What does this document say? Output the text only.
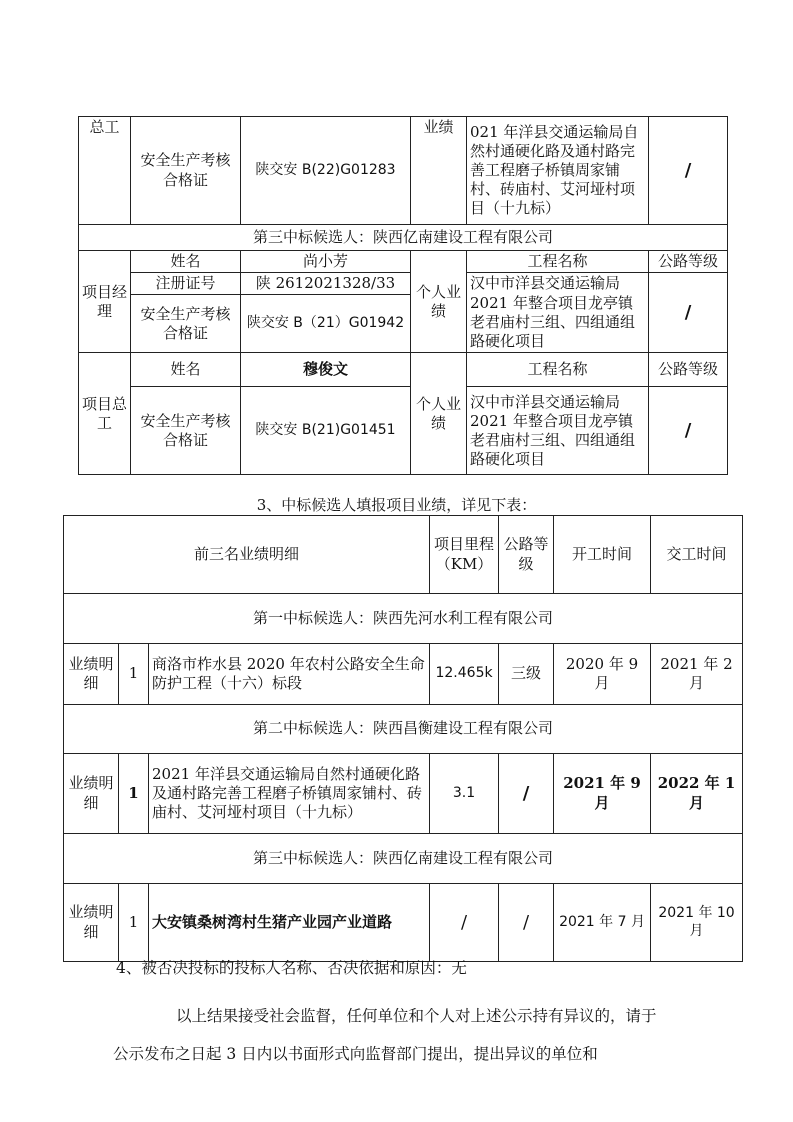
总工	安全生产考核合格证	陕交安 B(22)G01283	业绩	021 年洋县交通运输局自然村通硬化路及通村路完善工程磨子桥镇周家铺村、砖庙村、艾河垭村项目（十九标）	/
第三中标候选人：陕西亿南建设工程有限公司					
项目经理	姓名	尚小芳	个人业绩	工程名称	公路等级
	注册证号	陕 2612021328/33		汉中市洋县交通运输局 2021 年整合项目龙亭镇老君庙村三组、四组通组路硬化项目	/
	安全生产考核合格证	陕交安 B（21）G01942			
项目总工	姓名	穆俊文	个人业绩	工程名称	公路等级
	安全生产考核合格证	陕交安 B(21)G01451		汉中市洋县交通运输局 2021 年整合项目龙亭镇老君庙村三组、四组通组路硬化项目	/
3、中标候选人填报项目业绩，详见下表：
前三名业绩明细			项目里程（KM）	公路等级	开工时间	交工时间
第一中标候选人：陕西先河水利工程有限公司						
业绩明细	1	商洛市柞水县 2020 年农村公路安全生命防护工程（十六）标段	12.465k	三级	2020 年 9 月	2021 年 2 月
第二中标候选人：陕西昌衡建设工程有限公司						
业绩明细	1	2021 年洋县交通运输局自然村通硬化路及通村路完善工程磨子桥镇周家铺村、砖庙村、艾河垭村项目（十九标）	3.1	/	2021 年 9 月	2022 年 1 月
第三中标候选人：陕西亿南建设工程有限公司						
业绩明细	1	大安镇桑树湾村生猪产业园产业道路	/	/	2021 年 7 月	2021 年 10 月
4、被否决投标的投标人名称、否决依据和原因：无
以上结果接受社会监督，任何单位和个人对上述公示持有异议的，请于
公示发布之日起 3 日内以书面形式向监督部门提出，提出异议的单位和
